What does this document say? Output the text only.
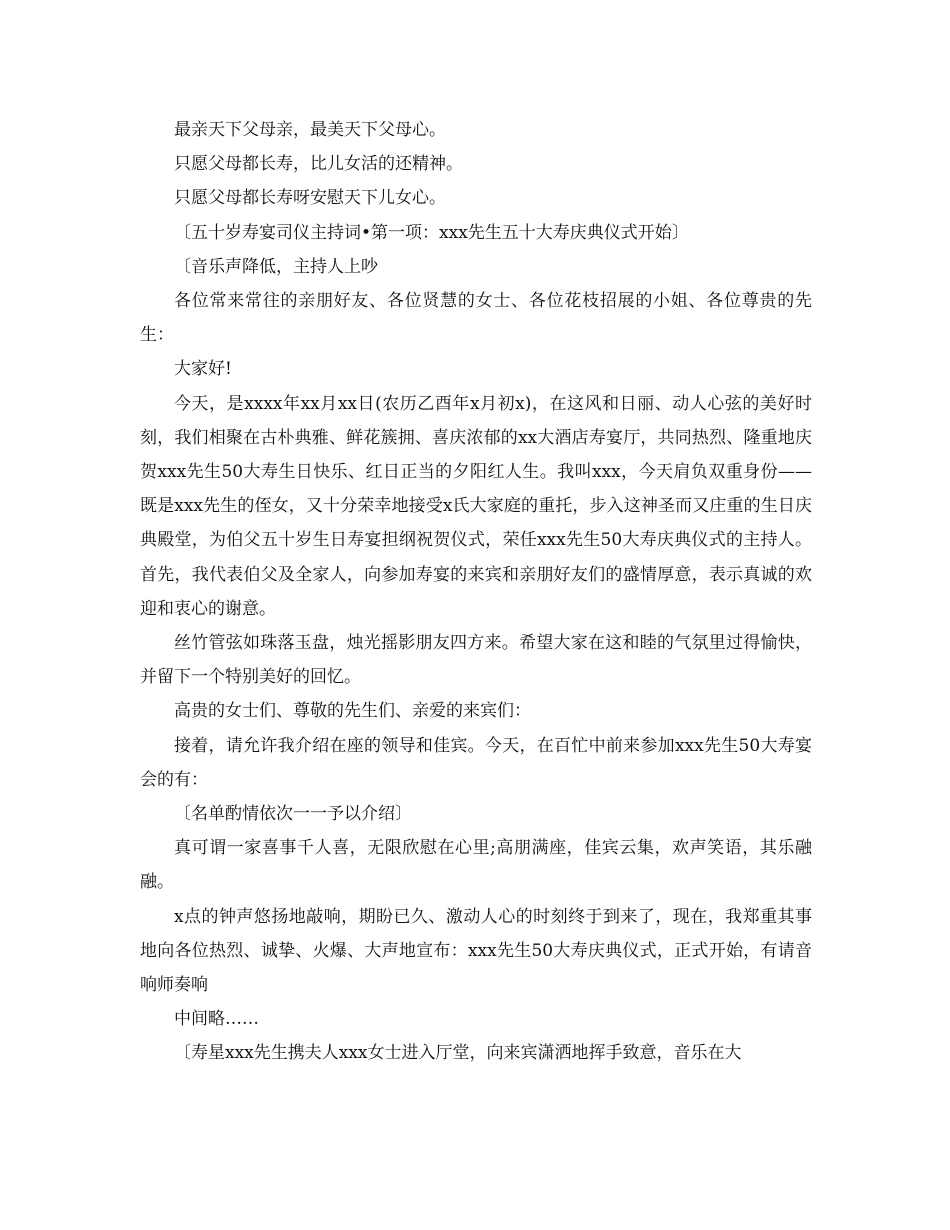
最亲天下父母亲，最美天下父母心。

只愿父母都长寿，比儿女活的还精神。

只愿父母都长寿呀安慰天下儿女心。

〔五十岁寿宴司仪主持词•第一项：xxx先生五十大寿庆典仪式开始〕

〔音乐声降低，主持人上吵

各位常来常往的亲朋好友、各位贤慧的女士、各位花枝招展的小姐、各位尊贵的先生：

大家好!

今天，是xxxx年xx月xx日(农历乙酉年x月初x)，在这风和日丽、动人心弦的美好时刻，我们相聚在古朴典雅、鲜花簇拥、喜庆浓郁的xx大酒店寿宴厅，共同热烈、隆重地庆贺xxx先生50大寿生日快乐、红日正当的夕阳红人生。我叫xxx，今天肩负双重身份——既是xxx先生的侄女，又十分荣幸地接受x氏大家庭的重托，步入这神圣而又庄重的生日庆典殿堂，为伯父五十岁生日寿宴担纲祝贺仪式，荣任xxx先生50大寿庆典仪式的主持人。首先，我代表伯父及全家人，向参加寿宴的来宾和亲朋好友们的盛情厚意，表示真诚的欢迎和衷心的谢意。

丝竹管弦如珠落玉盘，烛光摇影朋友四方来。希望大家在这和睦的气氛里过得愉快，并留下一个特别美好的回忆。

高贵的女士们、尊敬的先生们、亲爱的来宾们：

接着，请允许我介绍在座的领导和佳宾。今天，在百忙中前来参加xxx先生50大寿宴会的有：

〔名单酌情依次一一予以介绍〕

真可谓一家喜事千人喜，无限欣慰在心里;高朋满座，佳宾云集，欢声笑语，其乐融融。

x点的钟声悠扬地敲响，期盼已久、激动人心的时刻终于到来了，现在，我郑重其事地向各位热烈、诚挚、火爆、大声地宣布：xxx先生50大寿庆典仪式，正式开始，有请音响师奏响

中间略……

〔寿星xxx先生携夫人xxx女士进入厅堂，向来宾潇洒地挥手致意，音乐在大
